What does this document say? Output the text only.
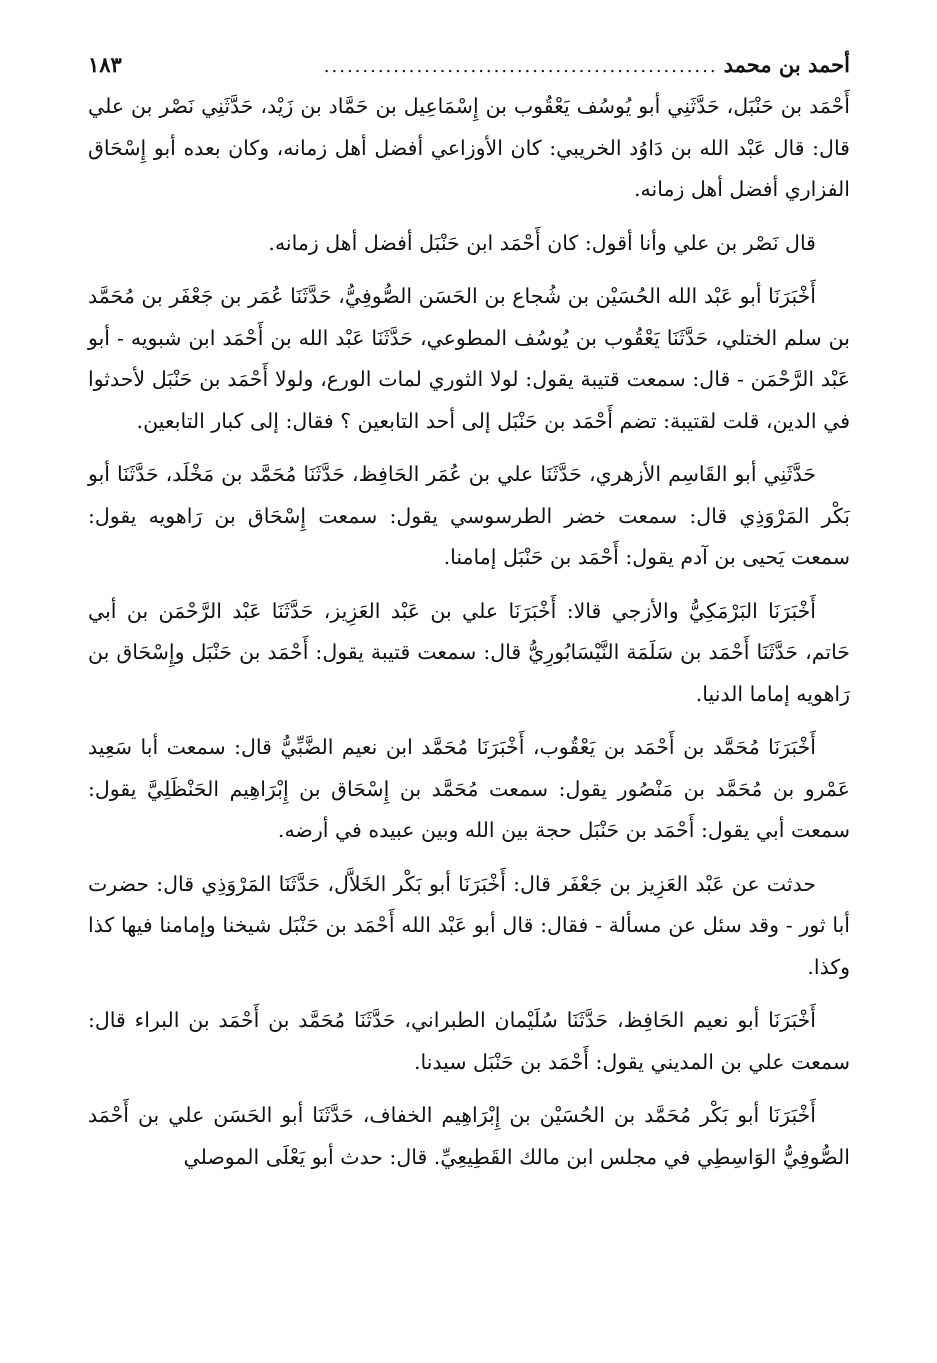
أحمد بن محمد
...................................................
١٨٣

أَحْمَد بن حَنْبَل، حَدَّثَنِي أبو يُوسُف يَعْقُوب بن إِسْمَاعِيل بن حَمَّاد بن زَيْد، حَدَّثَنِي نَصْر بن علي قال: قال عَبْد الله بن دَاوُد الخريبي: كان الأوزاعي أفضل أهل زمانه، وكان بعده أبو إِسْحَاق الفزاري أفضل أهل زمانه.

قال نَصْر بن علي وأنا أقول: كان أَحْمَد ابن حَنْبَل أفضل أهل زمانه.

أَخْبَرَنَا أبو عَبْد الله الحُسَيْن بن شُجاع بن الحَسَن الصُّوفِيُّ، حَدَّثَنَا عُمَر بن جَعْفَر بن مُحَمَّد بن سلم الختلي، حَدَّثَنَا يَعْقُوب بن يُوسُف المطوعي، حَدَّثَنَا عَبْد الله بن أَحْمَد ابن شبويه - أبو عَبْد الرَّحْمَن - قال: سمعت قتيبة يقول: لولا الثوري لمات الورع، ولولا أَحْمَد بن حَنْبَل لأحدثوا في الدين، قلت لقتيبة: تضم أَحْمَد بن حَنْبَل إلى أحد التابعين ؟ فقال: إلى كبار التابعين.

حَدَّثَنِي أبو القَاسِم الأزهري، حَدَّثَنَا علي بن عُمَر الحَافِظ، حَدَّثَنَا مُحَمَّد بن مَخْلَد، حَدَّثَنَا أبو بَكْر المَرْوَذِي قال: سمعت خضر الطرسوسي يقول: سمعت إِسْحَاق بن رَاهويه يقول: سمعت يَحيى بن آدم يقول: أَحْمَد بن حَنْبَل إمامنا.

أَخْبَرَنَا البَرْمَكِيُّ والأزجي قالا: أَخْبَرَنَا علي بن عَبْد العَزِيز، حَدَّثَنَا عَبْد الرَّحْمَن بن أبي حَاتم، حَدَّثَنَا أَحْمَد بن سَلَمَة النَّيْسَابُورِيُّ قال: سمعت قتيبة يقول: أَحْمَد بن حَنْبَل وإِسْحَاق بن رَاهويه إماما الدنيا.

أَخْبَرَنَا مُحَمَّد بن أَحْمَد بن يَعْقُوب، أَخْبَرَنَا مُحَمَّد ابن نعيم الضَّبِّيُّ قال: سمعت أبا سَعِيد عَمْرو بن مُحَمَّد بن مَنْصُور يقول: سمعت مُحَمَّد بن إِسْحَاق بن إِبْرَاهِيم الحَنْظَلِيَّ يقول: سمعت أبي يقول: أَحْمَد بن حَنْبَل حجة بين الله وبين عبيده في أرضه.

حدثت عن عَبْد العَزِيز بن جَعْفَر قال: أَخْبَرَنَا أبو بَكْر الخَلاَّل، حَدَّثَنَا المَرْوَذِي قال: حضرت أبا ثور - وقد سئل عن مسألة - فقال: قال أبو عَبْد الله أَحْمَد بن حَنْبَل شيخنا وإمامنا فيها كذا وكذا.

أَخْبَرَنَا أبو نعيم الحَافِظ، حَدَّثَنَا سُلَيْمان الطبراني، حَدَّثَنَا مُحَمَّد بن أَحْمَد بن البراء قال: سمعت علي بن المديني يقول: أَحْمَد بن حَنْبَل سيدنا.

أَخْبَرَنَا أبو بَكْر مُحَمَّد بن الحُسَيْن بن إِبْرَاهِيم الخفاف، حَدَّثَنَا أبو الحَسَن علي بن أَحْمَد الصُّوفِيُّ الوَاسِطِي في مجلس ابن مالك القَطِيعِيِّ. قال: حدث أبو يَعْلَى الموصلي
